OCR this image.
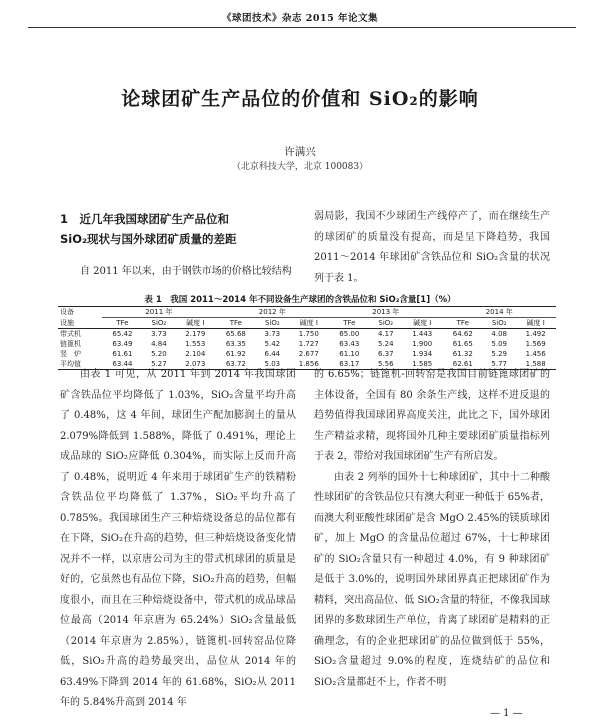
《球团技术》杂志 2015 年论文集
论球团矿生产品位的价值和 SiO₂的影响
许满兴
（北京科技大学，北京 100083）
1　近几年我国球团矿生产品位和
SiO₂现状与国外球团矿质量的差距

自 2011 年以来，由于钢铁市场的价格比较结构

弱局影，我国不少球团生产线停产了，而在继续生产的球团矿的质量没有提高，而是呈下降趋势，我国 2011～2014 年球团矿含铁品位和 SiO₂含量的状况列于表 1。

表 1　我国 2011～2014 年不同设备生产球团的含铁品位和 SiO₂含量[1]（%）
设备	2011 年			2012 年			2013 年			2014 年		
设施	TFe	SiO₂	碱度 I	TFe	SiO₂	碱度 I	TFe	SiO₂	碱度 I	TFe	SiO₂	碱度 I
带式机	65.42	3.73	2.179	65.68	3.73	1.750	65.00	4.17	1.443	64.62	4.08	1.492
链篦机	63.49	4.84	1.553	63.35	5.42	1.727	63.43	5.24	1.900	61.65	5.09	1.569
竖　炉	61.61	5.20	2.104	61.92	6.44	2.677	61.10	6.37	1.934	61.32	5.29	1.456
平均值	63.44	5.27	2.073	63.72	5.03	1.856	63.17	5.56	1.585	62.61	5.77	1.588

由表 1 可见，从 2011 年到 2014 年我国球团矿含铁品位平均降低了 1.03%，SiO₂含量平均升高了 0.48%，这 4 年间，球团生产配加膨润土的量从 2.079%降低到 1.588%，降低了 0.491%，理论上成品球的 SiO₂应降低 0.304%，而实际上反而升高了 0.48%，说明近 4 年来用于球团矿生产的铁精粉含铁品位平均降低了 1.37%，SiO₂平均升高了 0.785%。我国球团生产三种焙烧设备总的品位都有在下降，SiO₂在升高的趋势，但三种焙烧设备变化情况并不一样，以京唐公司为主的带式机球团的质量是好的，它虽然也有品位下降，SiO₂升高的趋势，但幅度很小，而且在三种焙烧设备中，带式机的成品球品位最高（2014 年京唐为 65.24%）SiO₂含量最低（2014 年京唐为 2.85%），链篦机-回转窑品位降低，SiO₂升高的趋势最突出，品位从 2014 年的 63.49%下降到 2014 年的 61.68%，SiO₂从 2011 年的 5.84%升高到 2014 年

的 6.65%；链篦机-回转窑是我国目前链篦球团矿的主体设备，全国有 80 余条生产线，这样不进反退的趋势值得我国球团界高度关注，此比之下，国外球团生产精益求精，现将国外几种主要球团矿质量指标列于表 2，带给对我国球团矿生产有所启发。

由表 2 列举的国外十七种球团矿，其中十二种酸性球团矿的含铁品位只有澳大利亚一种低于 65%者，而澳大利亚酸性球团矿是含 MgO 2.45%的镁质球团矿，加上 MgO 的含量品位超过 67%，十七种球团矿的 SiO₂含量只有一种超过 4.0%，有 9 种球团矿是低于 3.0%的，说明国外球团界真正把球团矿作为精料，突出高品位、低 SiO₂含量的特征，不像我国球团界的多数球团生产单位，肯离了球团矿是精料的正确理念，有的企业把球团矿的品位做到低于 55%，SiO₂含量超过 9.0%的程度，连烧结矿的品位和 SiO₂含量都赶不上，作者不明

— 1 —
